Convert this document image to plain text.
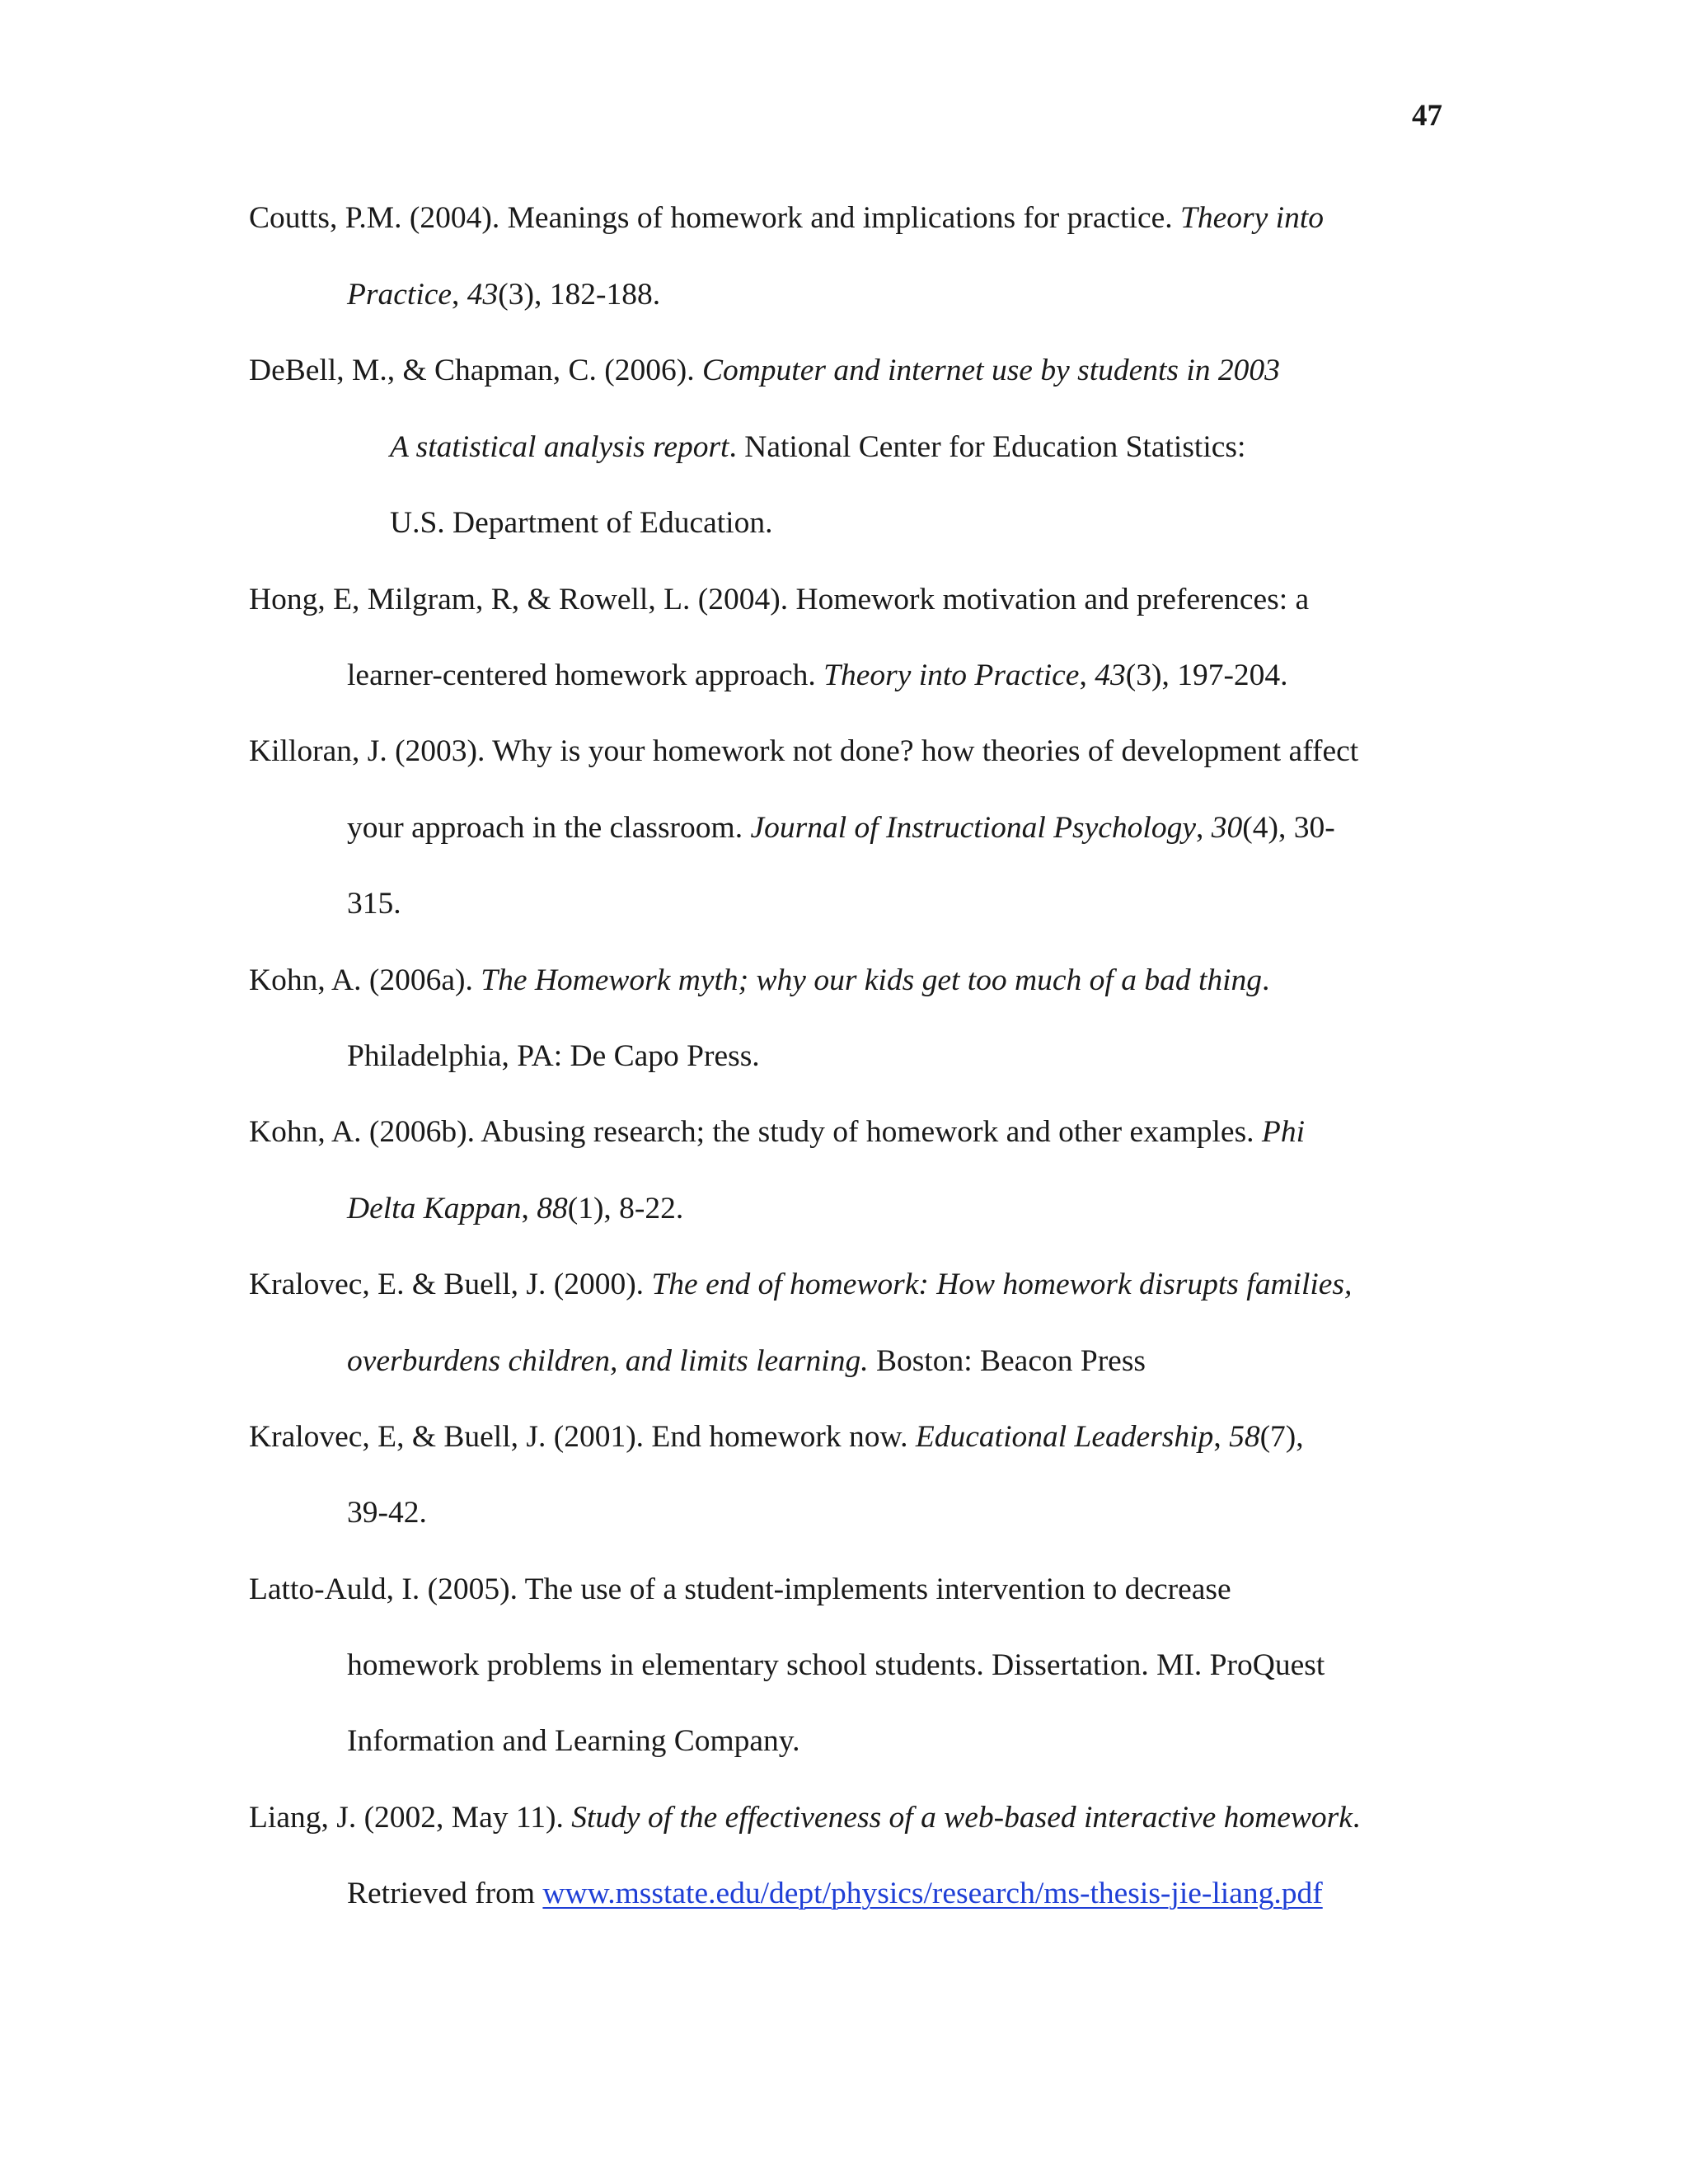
47
Coutts, P.M. (2004). Meanings of homework and implications for practice. Theory into
Practice, 43(3), 182-188.
DeBell, M., & Chapman, C. (2006). Computer and internet use by students in 2003
A statistical analysis report. National Center for Education Statistics:
U.S. Department of Education.
Hong, E, Milgram, R, & Rowell, L. (2004). Homework motivation and preferences: a
learner-centered homework approach. Theory into Practice, 43(3), 197-204.
Killoran, J. (2003). Why is your homework not done? how theories of development affect
your approach in the classroom. Journal of Instructional Psychology, 30(4), 30-
315.
Kohn, A. (2006a). The Homework myth; why our kids get too much of a bad thing.
Philadelphia, PA: De Capo Press.
Kohn, A. (2006b). Abusing research; the study of homework and other examples. Phi
Delta Kappan, 88(1), 8-22.
Kralovec, E. & Buell, J. (2000). The end of homework: How homework disrupts families,
overburdens children, and limits learning. Boston: Beacon Press
Kralovec, E, & Buell, J. (2001). End homework now. Educational Leadership, 58(7),
39-42.
Latto-Auld, I. (2005). The use of a student-implements intervention to decrease
homework problems in elementary school students. Dissertation. MI. ProQuest
Information and Learning Company.
Liang, J. (2002, May 11). Study of the effectiveness of a web-based interactive homework.
Retrieved from www.msstate.edu/dept/physics/research/ms-thesis-jie-liang.pdf
